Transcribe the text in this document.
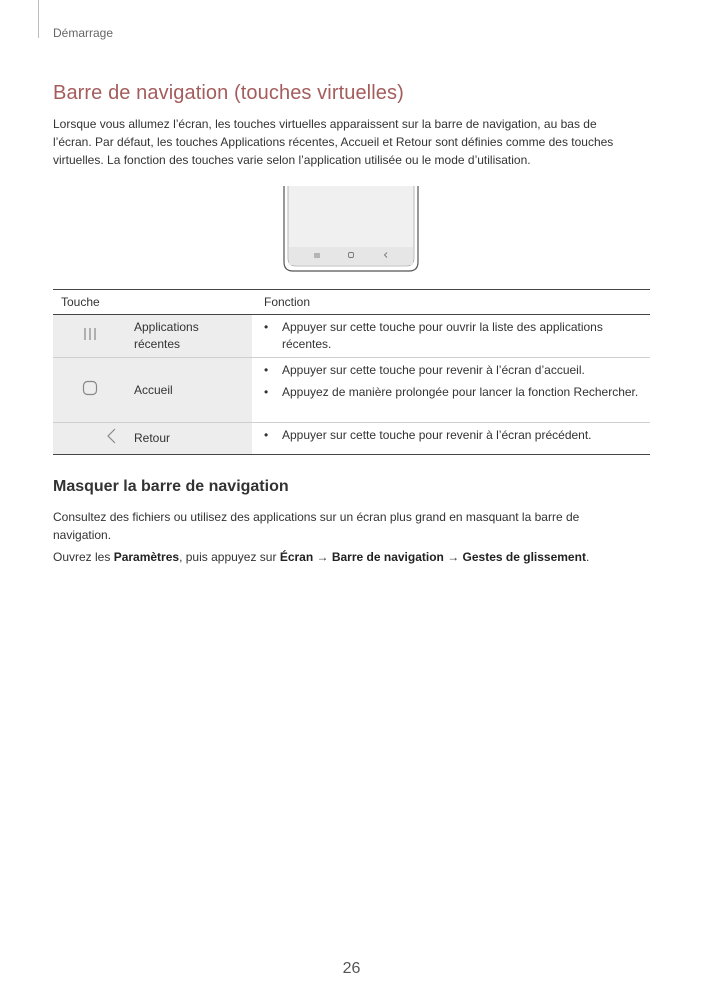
Démarrage
Barre de navigation (touches virtuelles)

Lorsque vous allumez l’écran, les touches virtuelles apparaissent sur la barre de navigation, au bas de l’écran. Par défaut, les touches Applications récentes, Accueil et Retour sont définies comme des touches virtuelles. La fonction des touches varie selon l’application utilisée ou le mode d’utilisation.

Touche		Fonction
	Applications récentes	• Appuyer sur cette touche pour ouvrir la liste des applications récentes.

	Accueil	• Appuyer sur cette touche pour revenir à l’écran d’accueil.
• Appuyez de manière prolongée pour lancer la fonction Rechercher.

	Retour	• Appuyer sur cette touche pour revenir à l’écran précédent.
Masquer la barre de navigation

Consultez des fichiers ou utilisez des applications sur un écran plus grand en masquant la barre de navigation.

Ouvrez les Paramètres, puis appuyez sur Écran → Barre de navigation → Gestes de glissement.

26
